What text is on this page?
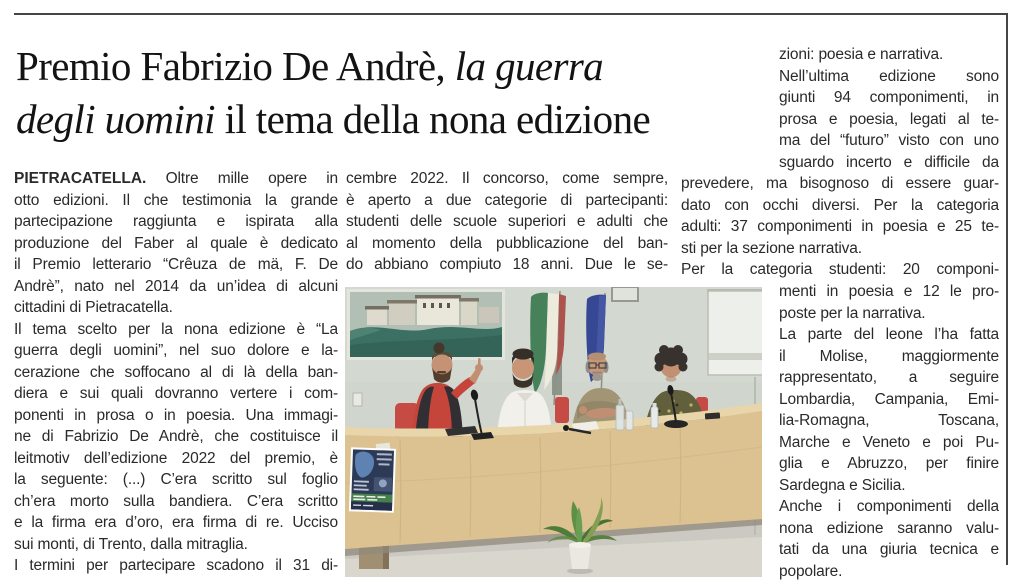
Premio Fabrizio De Andrè, la guerra
degli uomini il tema della nona edizione
PIETRACATELLA. Oltre mille opere in
otto edizioni. Il che testimonia la grande
partecipazione raggiunta e ispirata alla
produzione del Faber al quale è dedicato
il Premio letterario “Crêuza de mä, F. De
Andrè”, nato nel 2014 da un’idea di alcuni
cittadini di Pietracatella.
Il tema scelto per la nona edizione è “La
guerra degli uomini”, nel suo dolore e la-
cerazione che soffocano al di là della ban-
diera e sui quali dovranno vertere i com-
ponenti in prosa o in poesia. Una immagi-
ne di Fabrizio De Andrè, che costituisce il
leitmotiv dell’edizione 2022 del premio, è
la seguente: (...) C’era scritto sul foglio
ch’era morto sulla bandiera. C’era scritto
e la firma era d’oro, era firma di re. Ucciso
sui monti, di Trento, dalla mitraglia.
I termini per partecipare scadono il 31 di-
cembre 2022. Il concorso, come sempre,
è aperto a due categorie di partecipanti:
studenti delle scuole superiori e adulti che
al momento della pubblicazione del ban-
do abbiano compiuto 18 anni. Due le se-
zioni: poesia e narrativa.
Nell’ultima edizione sono
giunti 94 componimenti, in
prosa e poesia, legati al te-
ma del “futuro” visto con uno
sguardo incerto e difficile da
prevedere, ma bisognoso di essere guar-
dato con occhi diversi. Per la categoria
adulti: 37 componimenti in poesia e 25 te-
sti per la sezione narrativa.
Per la categoria studenti: 20 componi-
menti in poesia e 12 le pro-
poste per la narrativa.
La parte del leone l’ha fatta
il Molise, maggiormente
rappresentato, a seguire
Lombardia, Campania, Emi-
lia-Romagna, Toscana,
Marche e Veneto e poi Pu-
glia e Abruzzo, per finire
Sardegna e Sicilia.
Anche i componimenti della
nona edizione saranno valu-
tati da una giuria tecnica e
popolare.
